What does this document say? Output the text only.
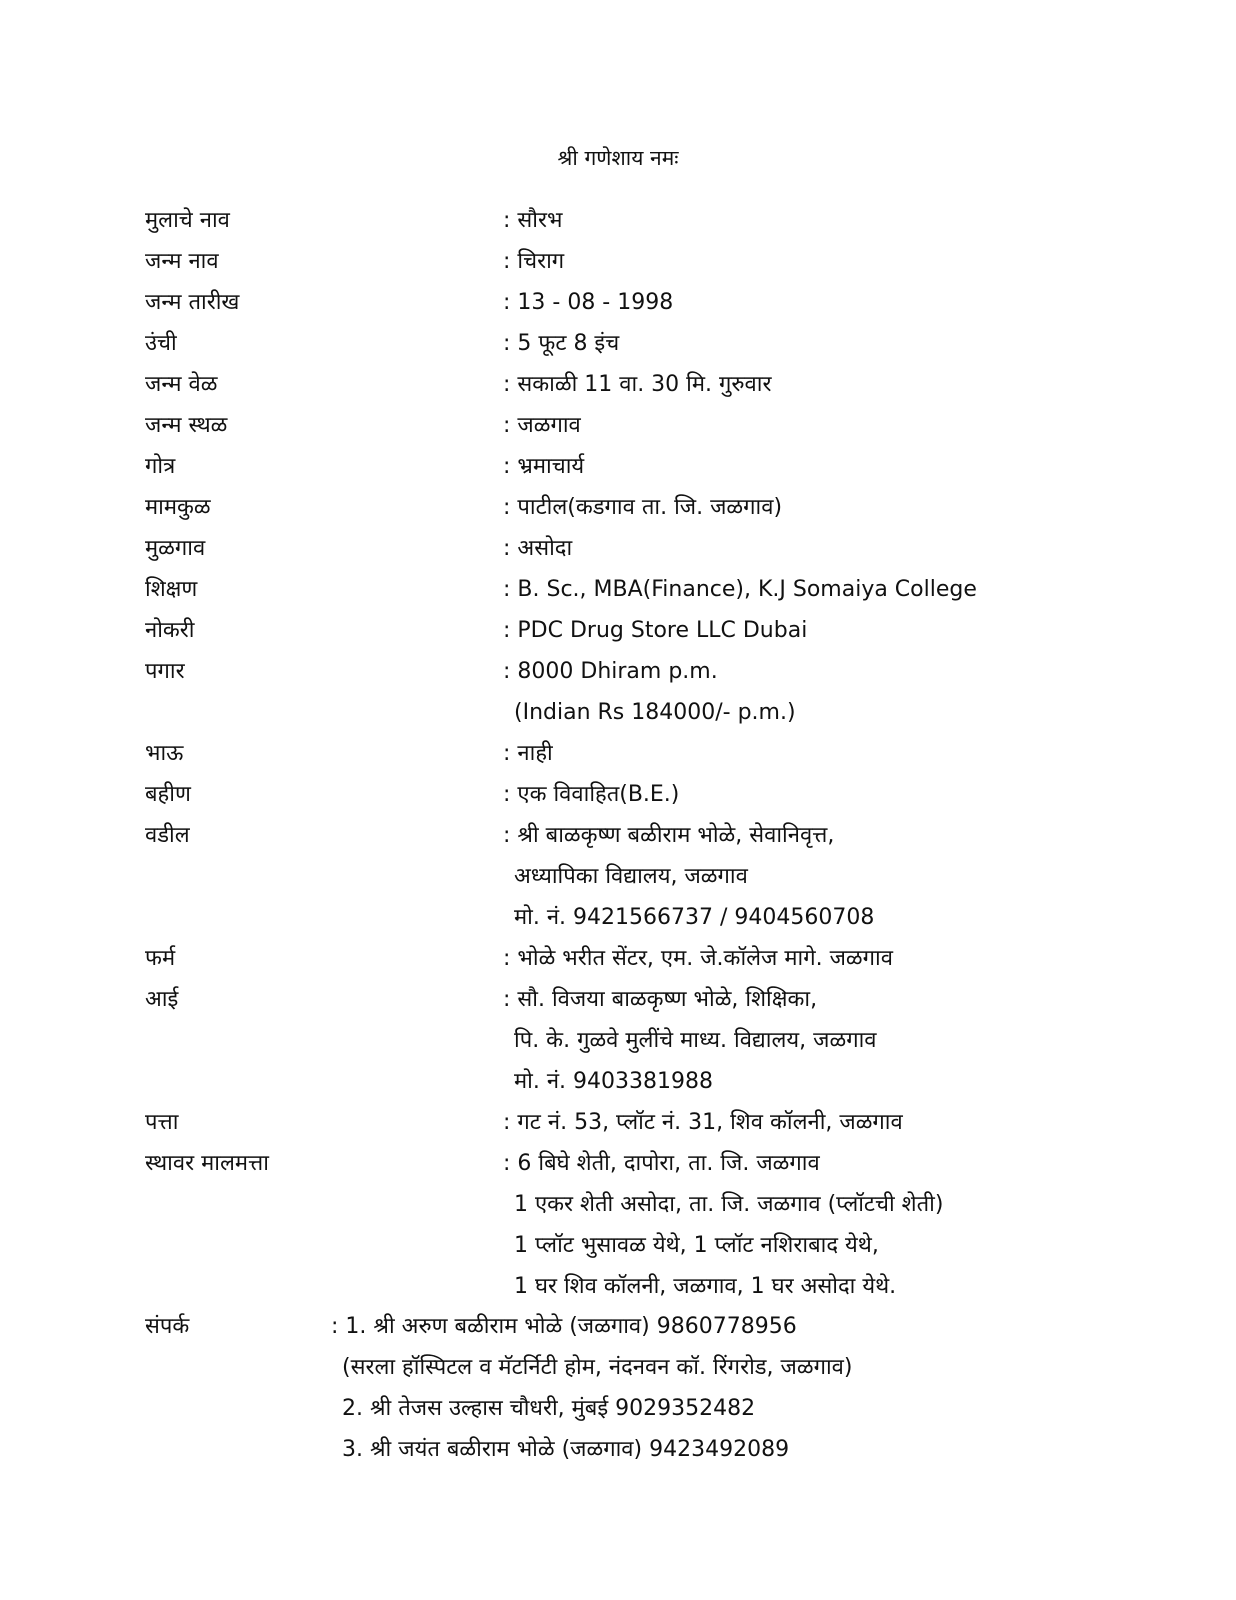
श्री गणेशाय नमः
मुलाचे नाव	: सौरभ
जन्म नाव	: चिराग
जन्म तारीख	: 13 - 08 - 1998
उंची	: 5 फूट 8 इंच
जन्म वेळ	: सकाळी 11 वा. 30 मि. गुरुवार
जन्म स्थळ	: जळगाव
गोत्र	: भ्रमाचार्य
मामकुळ	: पाटील(कडगाव ता. जि. जळगाव)
मुळगाव	: असोदा
शिक्षण	: B. Sc., MBA(Finance), K.J Somaiya College
नोकरी	: PDC Drug Store LLC Dubai
पगार	: 8000 Dhiram p.m.
(Indian Rs 184000/- p.m.)
भाऊ	: नाही
बहीण	: एक विवाहित(B.E.)
वडील	: श्री बाळकृष्ण बळीराम भोळे, सेवानिवृत्त,
अध्यापिका विद्यालय, जळगाव
मो. नं. 9421566737 / 9404560708
फर्म	: भोळे भरीत सेंटर, एम. जे.कॉलेज मागे. जळगाव
आई	: सौ. विजया बाळकृष्ण भोळे, शिक्षिका,
पि. के. गुळवे मुलींचे माध्य. विद्यालय, जळगाव
मो. नं. 9403381988
पत्ता	: गट नं. 53, प्लॉट नं. 31, शिव कॉलनी, जळगाव
स्थावर मालमत्ता	: 6 बिघे शेती, दापोरा, ता. जि. जळगाव
1 एकर शेती असोदा, ता. जि. जळगाव (प्लॉटची शेती)
1 प्लॉट भुसावळ येथे, 1 प्लॉट नशिराबाद येथे,
1 घर शिव कॉलनी, जळगाव, 1 घर असोदा येथे.
संपर्क	: 1. श्री अरुण बळीराम भोळे (जळगाव) 9860778956
(सरला हॉस्पिटल व मॅटर्निटी होम, नंदनवन कॉ. रिंगरोड, जळगाव)
2. श्री तेजस उल्हास चौधरी, मुंबई 9029352482
3. श्री जयंत बळीराम भोळे (जळगाव) 9423492089
